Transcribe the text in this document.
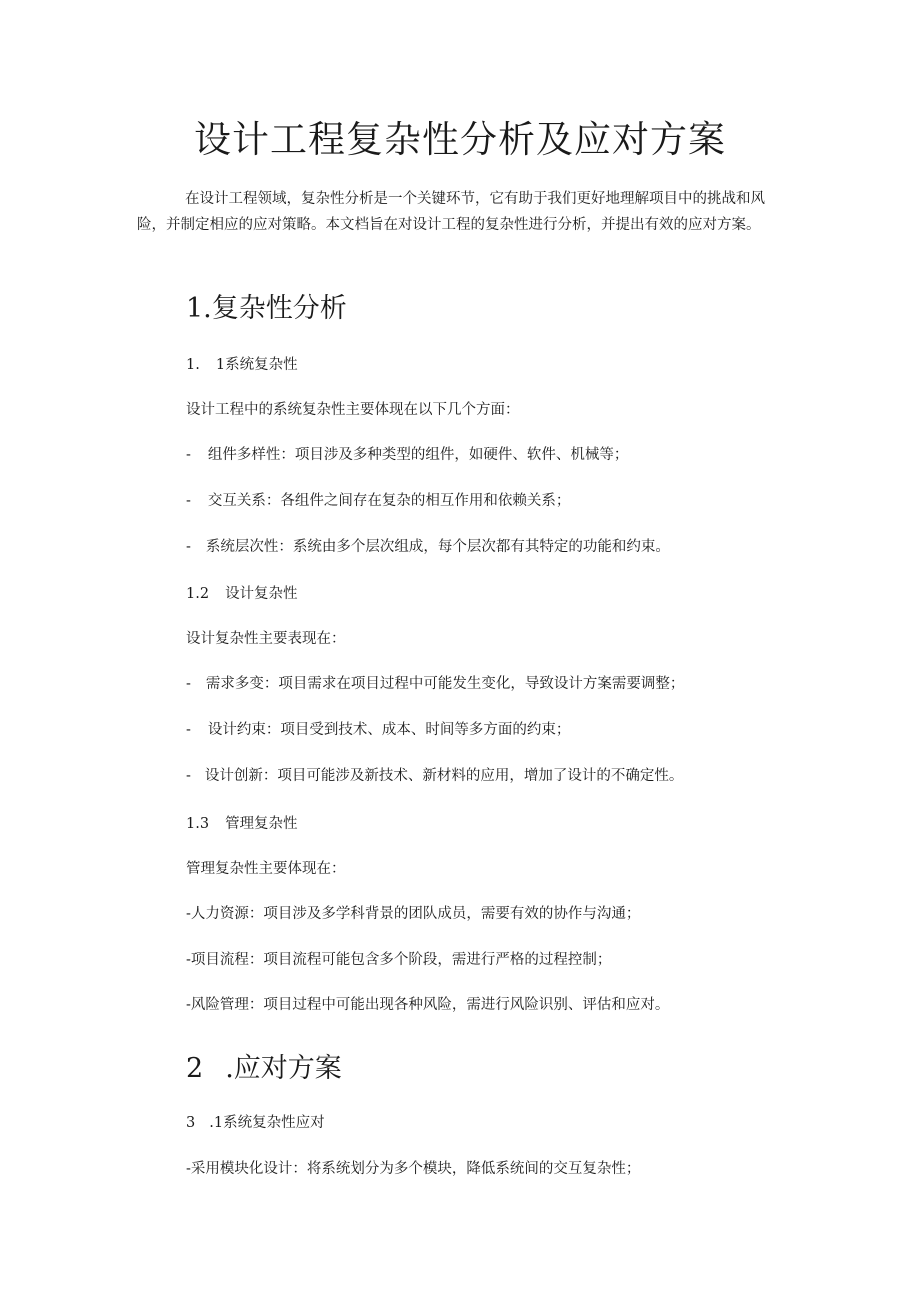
设计工程复杂性分析及应对方案

在设计工程领域，复杂性分析是一个关键环节，它有助于我们更好地理解项目中的挑战和风险，并制定相应的应对策略。本文档旨在对设计工程的复杂性进行分析，并提出有效的应对方案。

1.复杂性分析

1. 1系统复杂性

设计工程中的系统复杂性主要体现在以下几个方面：

- 组件多样性：项目涉及多种类型的组件，如硬件、软件、机械等；

- 交互关系：各组件之间存在复杂的相互作用和依赖关系；

- 系统层次性：系统由多个层次组成，每个层次都有其特定的功能和约束。

1.2 设计复杂性

设计复杂性主要表现在：

- 需求多变：项目需求在项目过程中可能发生变化，导致设计方案需要调整；

- 设计约束：项目受到技术、成本、时间等多方面的约束；

- 设计创新：项目可能涉及新技术、新材料的应用，增加了设计的不确定性。

1.3 管理复杂性

管理复杂性主要体现在：

-人力资源：项目涉及多学科背景的团队成员，需要有效的协作与沟通；

-项目流程：项目流程可能包含多个阶段，需进行严格的过程控制；

-风险管理：项目过程中可能出现各种风险，需进行风险识别、评估和应对。

2 .应对方案

3 .1系统复杂性应对

-采用模块化设计：将系统划分为多个模块，降低系统间的交互复杂性；
